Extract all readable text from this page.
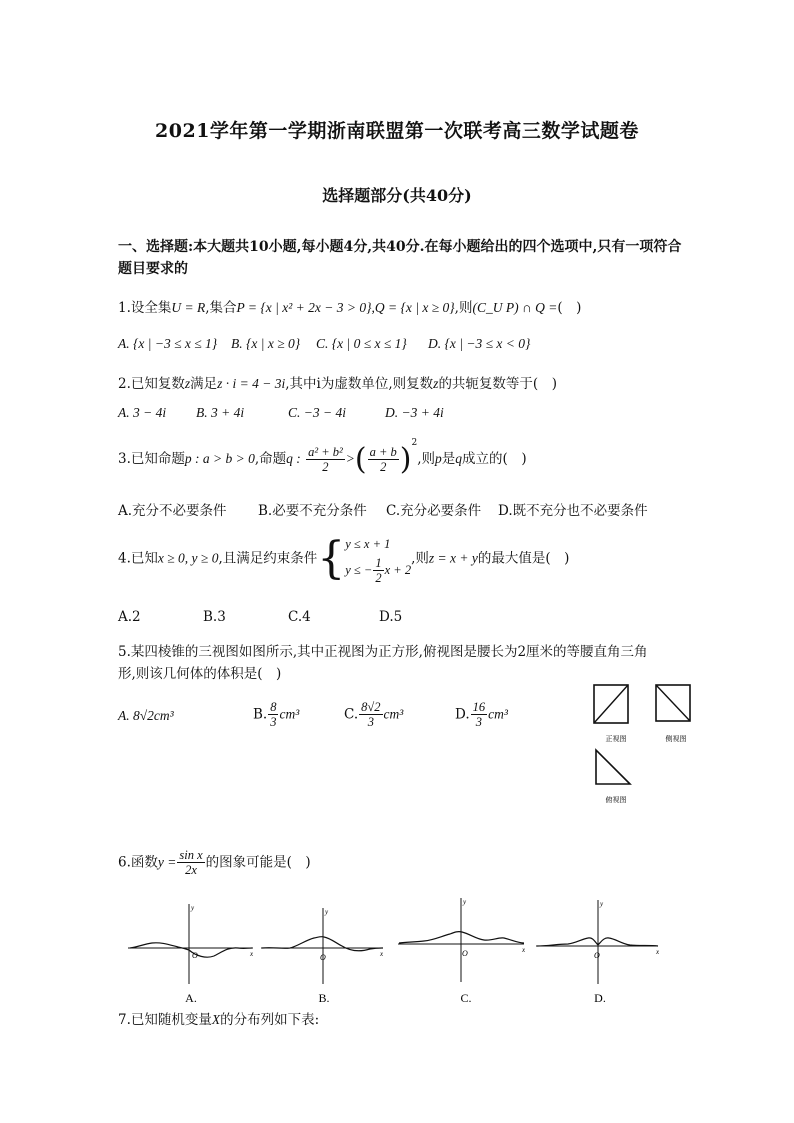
2021学年第一学期浙南联盟第一次联考高三数学试题卷
选择题部分(共40分)
一、选择题:本大题共10小题,每小题4分,共40分.在每小题给出的四个选项中,只有一项符合题目要求的
1.设全集U = R,集合P = {x | x² + 2x − 3 > 0},Q = {x | x ≥ 0},则(C_U P) ∩ Q =(　)
A. {x | −3 ≤ x ≤ 1} B. {x | x ≥ 0} C. {x | 0 ≤ x ≤ 1} D. {x | −3 ≤ x < 0}
2.已知复数z满足z · i = 4 − 3i,其中i为虚数单位,则复数z的共轭复数等于(　)
A. 3 − 4i B. 3 + 4i	C. −3 − 4i	D. −3 + 4i
3.已知命题p : a > b > 0,命题q : $\frac{\text{a² + b²}}{2}$ >( $\frac{a + b}{2} )^2$,则p是q成立的(　)
A.充分不必要条件 B.必要不充分条件 C.充分必要条件 D.既不充分也不必要条件
4.已知x ≥ 0, y ≥ 0,且满足约束条件{ y ≤ x + 1
y ≤ − $\frac{1}{2}$ x + 2
,则z = x + y的最大值是(　)
A.2	B.3	C.4	D.5
5.某四棱锥的三视图如图所示,其中正视图为正方形,俯视图是腰长为2厘米的等腰直角三角
形,则该几何体的体积是(　)
A. 8√2cm³	B. $\frac{8}{3} cm^3$	C. $\frac{8√2}{3} cm^3$	D. $\frac{16}{3} cm^3$
正视图	侧视图
俯视图
6.函数$y = \frac{\text{sin x}}{2x}$ 的图象可能是(　)
y
x
O
A.
y
x
O
B.
y
x
O
C.
y
x
O
D.
7.已知随机变量X的分布列如下表:
